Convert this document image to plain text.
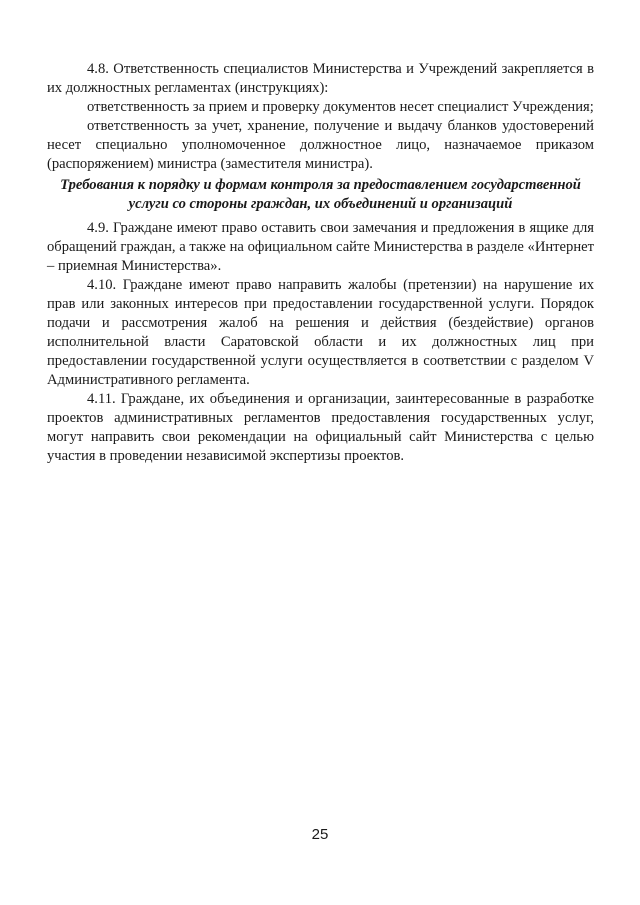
4.8. Ответственность специалистов Министерства и Учреждений закрепляется в их должностных регламентах (инструкциях):

ответственность за прием и проверку документов несет специалист Учреждения;

ответственность за учет, хранение, получение и выдачу бланков удостоверений несет специально уполномоченное должностное лицо, назначаемое приказом (распоряжением) министра (заместителя министра).

Требования к порядку и формам контроля за предоставлением государственной услуги со стороны граждан, их объединений и организаций

4.9. Граждане имеют право оставить свои замечания и предложения в ящике для обращений граждан, а также на официальном сайте Министерства в разделе «Интернет – приемная Министерства».

4.10. Граждане имеют право направить жалобы (претензии) на нарушение их прав или законных интересов при предоставлении государственной услуги. Порядок подачи и рассмотрения жалоб на решения и действия (бездействие) органов исполнительной власти Саратовской области и их должностных лиц при предоставлении государственной услуги осуществляется в соответствии с разделом V Административного регламента.

4.11. Граждане, их объединения и организации, заинтересованные в разработке проектов административных регламентов предоставления государственных услуг, могут направить свои рекомендации на официальный сайт Министерства с целью участия в проведении независимой экспертизы проектов.

25
